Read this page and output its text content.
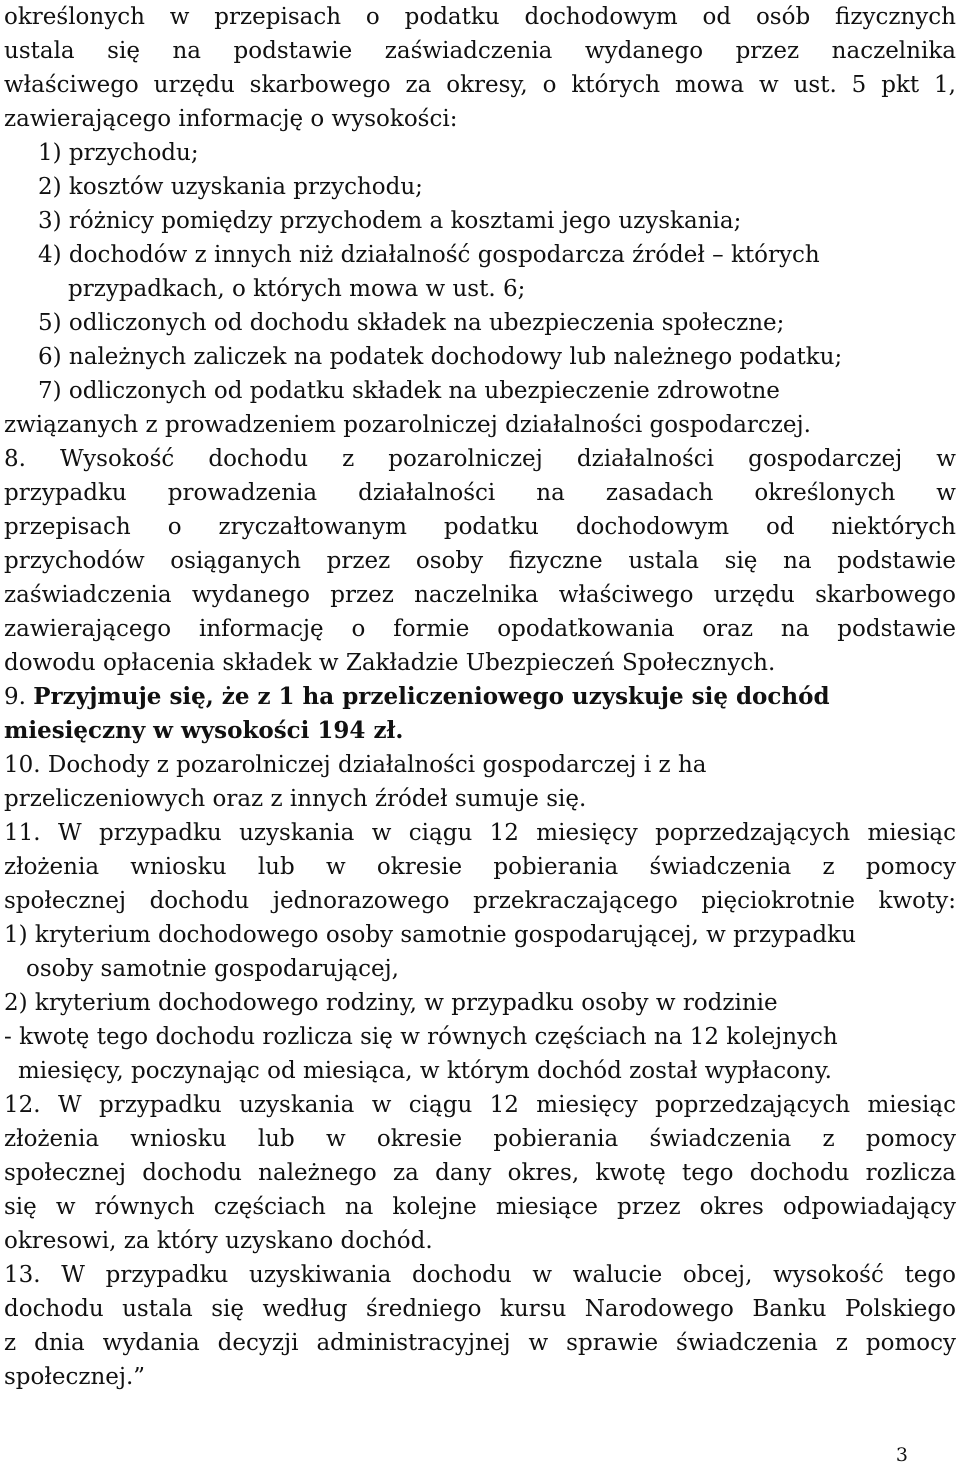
określonych w przepisach o podatku dochodowym od osób fizycznych
ustala się na podstawie zaświadczenia wydanego przez naczelnika
właściwego urzędu skarbowego za okresy, o których mowa w ust. 5 pkt 1,
zawierającego informację o wysokości:
1) przychodu;
2) kosztów uzyskania przychodu;
3) różnicy pomiędzy przychodem a kosztami jego uzyskania;
4) dochodów z innych niż działalność gospodarcza źródeł – których
przypadkach, o których mowa w ust. 6;
5) odliczonych od dochodu składek na ubezpieczenia społeczne;
6) należnych zaliczek na podatek dochodowy lub należnego podatku;
7) odliczonych od podatku składek na ubezpieczenie zdrowotne
związanych z prowadzeniem pozarolniczej działalności gospodarczej.
8. Wysokość dochodu z pozarolniczej działalności gospodarczej w
przypadku prowadzenia działalności na zasadach określonych w
przepisach o zryczałtowanym podatku dochodowym od niektórych
przychodów osiąganych przez osoby fizyczne ustala się na podstawie
zaświadczenia wydanego przez naczelnika właściwego urzędu skarbowego
zawierającego informację o formie opodatkowania oraz na podstawie
dowodu opłacenia składek w Zakładzie Ubezpieczeń Społecznych.
9. Przyjmuje się, że z 1 ha przeliczeniowego uzyskuje się dochód
miesięczny w wysokości 194 zł.
10. Dochody z pozarolniczej działalności gospodarczej i z ha
przeliczeniowych oraz z innych źródeł sumuje się.
11. W przypadku uzyskania w ciągu 12 miesięcy poprzedzających miesiąc
złożenia wniosku lub w okresie pobierania świadczenia z pomocy
społecznej dochodu jednorazowego przekraczającego pięciokrotnie kwoty:
1) kryterium dochodowego osoby samotnie gospodarującej, w przypadku
osoby samotnie gospodarującej,
2) kryterium dochodowego rodziny, w przypadku osoby w rodzinie
- kwotę tego dochodu rozlicza się w równych częściach na 12 kolejnych
miesięcy, poczynając od miesiąca, w którym dochód został wypłacony.
12. W przypadku uzyskania w ciągu 12 miesięcy poprzedzających miesiąc
złożenia wniosku lub w okresie pobierania świadczenia z pomocy
społecznej dochodu należnego za dany okres, kwotę tego dochodu rozlicza
się w równych częściach na kolejne miesiące przez okres odpowiadający
okresowi, za który uzyskano dochód.
13. W przypadku uzyskiwania dochodu w walucie obcej, wysokość tego
dochodu ustala się według średniego kursu Narodowego Banku Polskiego
z dnia wydania decyzji administracyjnej w sprawie świadczenia z pomocy
społecznej.”
3
